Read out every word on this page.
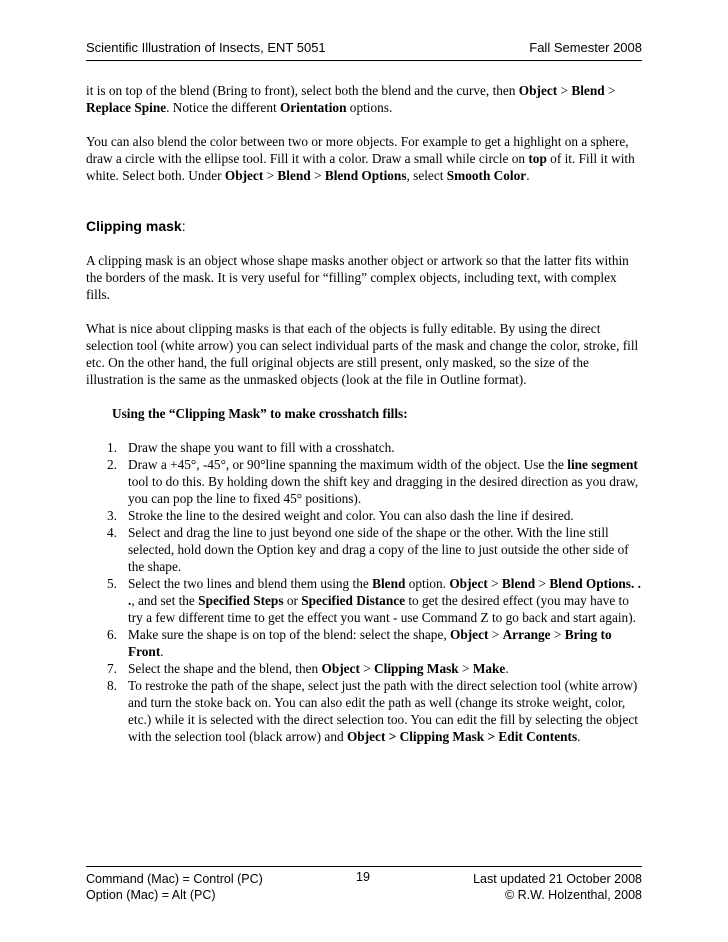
Scientific Illustration of Insects, ENT 5051	Fall Semester 2008

it is on top of the blend (Bring to front), select both the blend and the curve, then Object > Blend > Replace Spine. Notice the different Orientation options.

You can also blend the color between two or more objects. For example to get a highlight on a sphere, draw a circle with the ellipse tool. Fill it with a color. Draw a small while circle on top of it. Fill it with white. Select both. Under Object > Blend > Blend Options, select Smooth Color.

Clipping mask:

A clipping mask is an object whose shape masks another object or artwork so that the latter fits within the borders of the mask. It is very useful for “filling” complex objects, including text, with complex fills.

What is nice about clipping masks is that each of the objects is fully editable. By using the direct selection tool (white arrow) you can select individual parts of the mask and change the color, stroke, fill etc. On the other hand, the full original objects are still present, only masked, so the size of the illustration is the same as the unmasked objects (look at the file in Outline format).

Using the “Clipping Mask” to make crosshatch fills:
1. Draw the shape you want to fill with a crosshatch.
2. Draw a +45°, -45°, or 90°line spanning the maximum width of the object. Use the line segment tool to do this. By holding down the shift key and dragging in the desired direction as you draw, you can pop the line to fixed 45° positions).
3. Stroke the line to the desired weight and color. You can also dash the line if desired.
4. Select and drag the line to just beyond one side of the shape or the other. With the line still selected, hold down the Option key and drag a copy of the line to just outside the other side of the shape.
5. Select the two lines and blend them using the Blend option. Object > Blend > Blend Options. . ., and set the Specified Steps or Specified Distance to get the desired effect (you may have to try a few different time to get the effect you want - use Command Z to go back and start again).
6. Make sure the shape is on top of the blend: select the shape, Object > Arrange > Bring to Front.
7. Select the shape and the blend, then Object > Clipping Mask > Make.
8. To restroke the path of the shape, select just the path with the direct selection tool (white arrow) and turn the stoke back on. You can also edit the path as well (change its stroke weight, color, etc.) while it is selected with the direct selection too. You can edit the fill by selecting the object with the selection tool (black arrow) and Object > Clipping Mask > Edit Contents.
Command (Mac) = Control (PC)
Option (Mac) = Alt (PC)
19	Last updated 21 October 2008
© R.W. Holzenthal, 2008
